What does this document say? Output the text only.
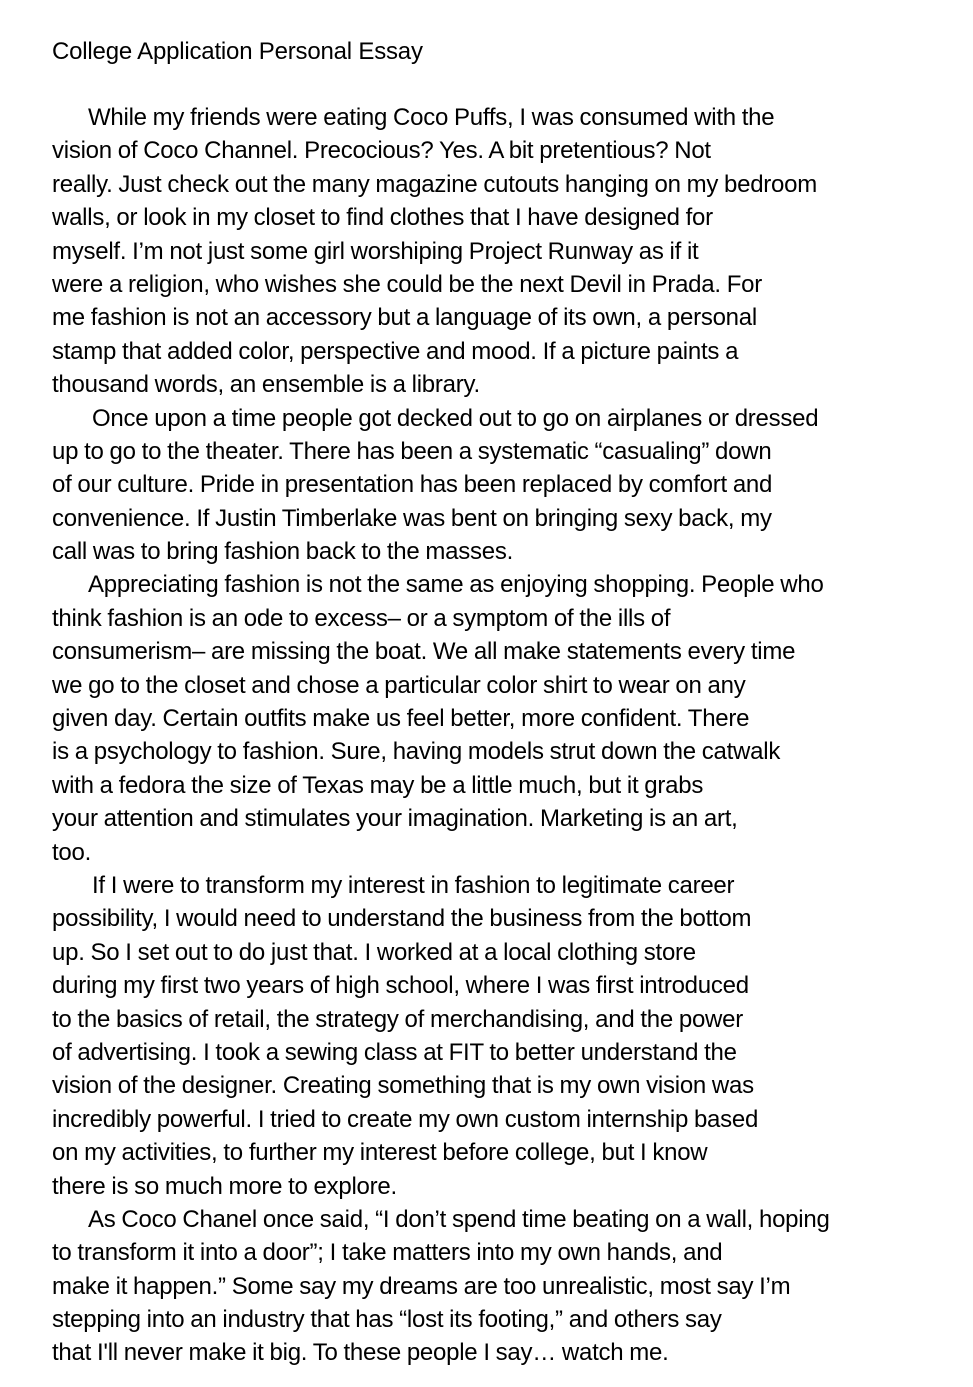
College Application Personal Essay
While my friends were eating Coco Puffs, I was consumed with the
vision of Coco Channel. Precocious? Yes. A bit pretentious? Not
really. Just check out the many magazine cutouts hanging on my bedroom
walls, or look in my closet to find clothes that I have designed for
myself. I’m not just some girl worshiping Project Runway as if it
were a religion, who wishes she could be the next Devil in Prada. For
me fashion is not an accessory but a language of its own, a personal
stamp that added color, perspective and mood. If a picture paints a
thousand words, an ensemble is a library.
Once upon a time people got decked out to go on airplanes or dressed
up to go to the theater. There has been a systematic “casualing” down
of our culture. Pride in presentation has been replaced by comfort and
convenience. If Justin Timberlake was bent on bringing sexy back, my
call was to bring fashion back to the masses.
Appreciating fashion is not the same as enjoying shopping. People who
think fashion is an ode to excess– or a symptom of the ills of
consumerism– are missing the boat. We all make statements every time
we go to the closet and chose a particular color shirt to wear on any
given day. Certain outfits make us feel better, more confident. There
is a psychology to fashion. Sure, having models strut down the catwalk
with a fedora the size of Texas may be a little much, but it grabs
your attention and stimulates your imagination. Marketing is an art,
too.
If I were to transform my interest in fashion to legitimate career
possibility, I would need to understand the business from the bottom
up. So I set out to do just that. I worked at a local clothing store
during my first two years of high school, where I was first introduced
to the basics of retail, the strategy of merchandising, and the power
of advertising. I took a sewing class at FIT to better understand the
vision of the designer. Creating something that is my own vision was
incredibly powerful. I tried to create my own custom internship based
on my activities, to further my interest before college, but I know
there is so much more to explore.
As Coco Chanel once said, “I don’t spend time beating on a wall, hoping
to transform it into a door”; I take matters into my own hands, and
make it happen.” Some say my dreams are too unrealistic, most say I’m
stepping into an industry that has “lost its footing,” and others say
that I'll never make it big. To these people I say… watch me.
